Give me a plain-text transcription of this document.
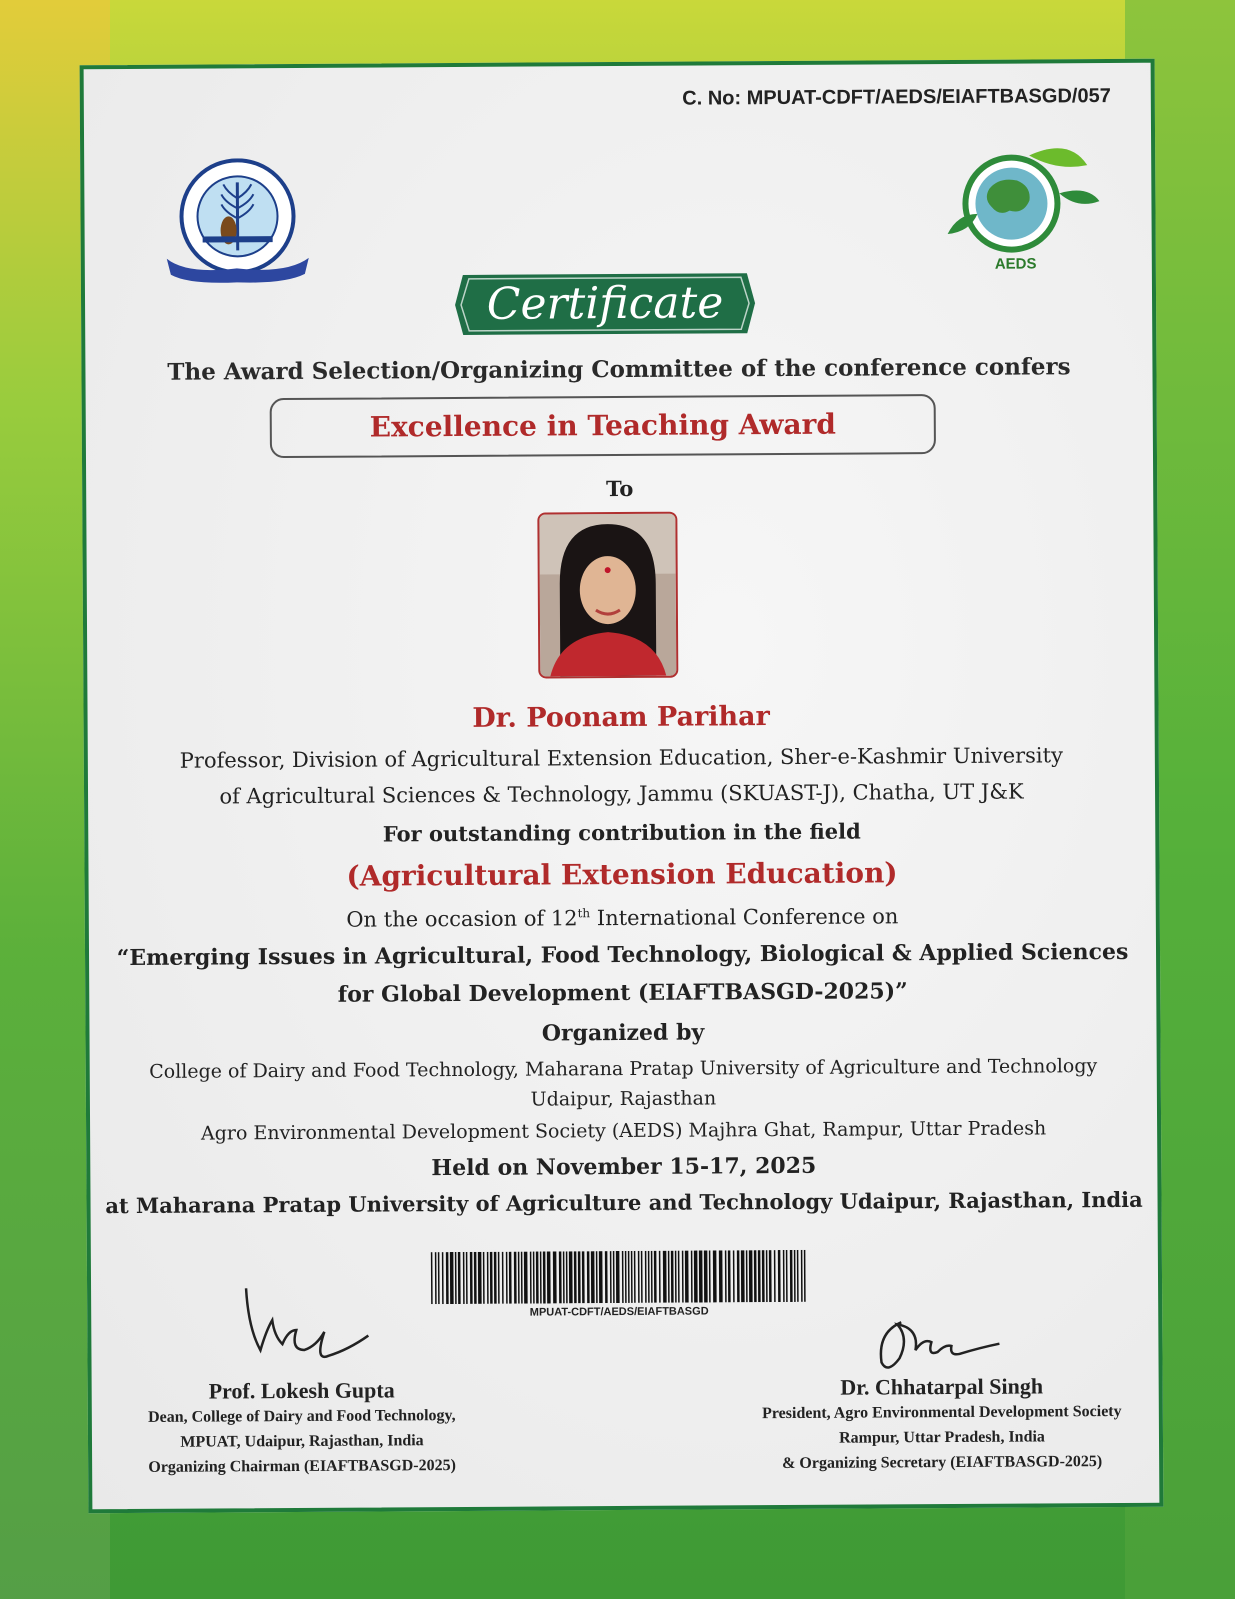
C. No: MPUAT-CDFT/AEDS/EIAFTBASGD/057
1999	AEDS
Certificate
The Award Selection/Organizing Committee of the conference confers
Excellence in Teaching Award
To
Dr. Poonam Parihar
Professor, Division of Agricultural Extension Education, Sher-e-Kashmir University
of Agricultural Sciences & Technology, Jammu (SKUAST-J), Chatha, UT J&K
For outstanding contribution in the field
(Agricultural Extension Education)
On the occasion of 12th International Conference on
“Emerging Issues in Agricultural, Food Technology, Biological & Applied Sciences
for Global Development (EIAFTBASGD-2025)”
Organized by
College of Dairy and Food Technology, Maharana Pratap University of Agriculture and Technology
Udaipur, Rajasthan
Agro Environmental Development Society (AEDS) Majhra Ghat, Rampur, Uttar Pradesh
Held on November 15-17, 2025
at Maharana Pratap University of Agriculture and Technology Udaipur, Rajasthan, India
MPUAT-CDFT/AEDS/EIAFTBASGD
Prof. Lokesh Gupta
Dean, College of Dairy and Food Technology,
MPUAT, Udaipur, Rajasthan, India
Organizing Chairman (EIAFTBASGD-2025)
Dr. Chhatarpal Singh
President, Agro Environmental Development Society
Rampur, Uttar Pradesh, India
& Organizing Secretary (EIAFTBASGD-2025)
